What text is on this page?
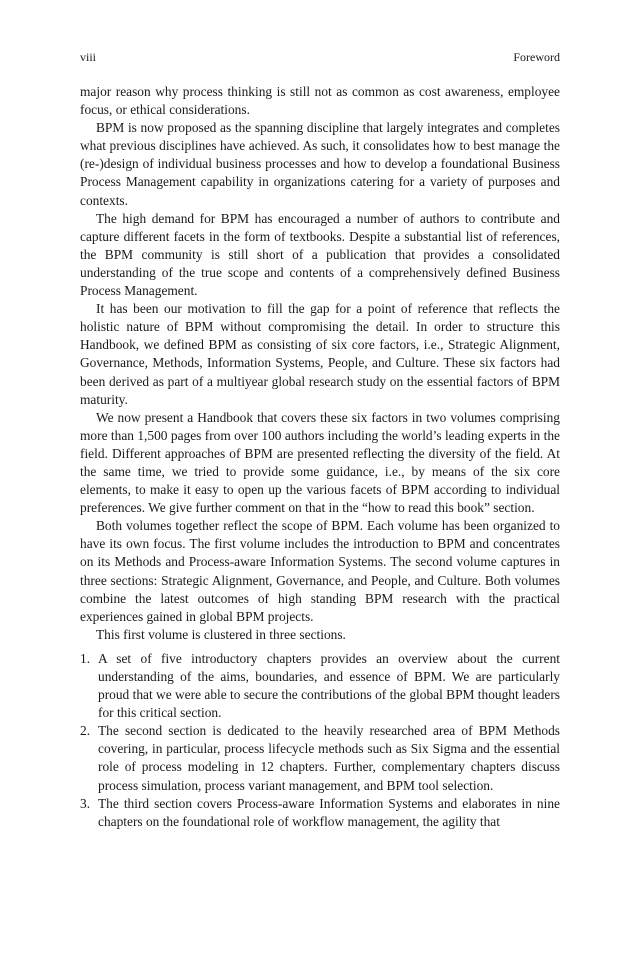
viii	Foreword

major reason why process thinking is still not as common as cost awareness, employee focus, or ethical considerations.

BPM is now proposed as the spanning discipline that largely integrates and completes what previous disciplines have achieved. As such, it consolidates how to best manage the (re-)design of individual business processes and how to develop a foundational Business Process Management capability in organizations catering for a variety of purposes and contexts.

The high demand for BPM has encouraged a number of authors to contribute and capture different facets in the form of textbooks. Despite a substantial list of references, the BPM community is still short of a publication that provides a consolidated understanding of the true scope and contents of a comprehensively defined Business Process Management.

It has been our motivation to fill the gap for a point of reference that reflects the holistic nature of BPM without compromising the detail. In order to structure this Handbook, we defined BPM as consisting of six core factors, i.e., Strategic Alignment, Governance, Methods, Information Systems, People, and Culture. These six factors had been derived as part of a multiyear global research study on the essential factors of BPM maturity.

We now present a Handbook that covers these six factors in two volumes comprising more than 1,500 pages from over 100 authors including the world’s leading experts in the field. Different approaches of BPM are presented reflecting the diversity of the field. At the same time, we tried to provide some guidance, i.e., by means of the six core elements, to make it easy to open up the various facets of BPM according to individual preferences. We give further comment on that in the “how to read this book” section.

Both volumes together reflect the scope of BPM. Each volume has been organized to have its own focus. The first volume includes the introduction to BPM and concentrates on its Methods and Process-aware Information Systems. The second volume captures in three sections: Strategic Alignment, Governance, and People, and Culture. Both volumes combine the latest outcomes of high standing BPM research with the practical experiences gained in global BPM projects.

This first volume is clustered in three sections.

1. A set of five introductory chapters provides an overview about the current understanding of the aims, boundaries, and essence of BPM. We are particularly proud that we were able to secure the contributions of the global BPM thought leaders for this critical section.
2. The second section is dedicated to the heavily researched area of BPM Methods covering, in particular, process lifecycle methods such as Six Sigma and the essential role of process modeling in 12 chapters. Further, complementary chapters discuss process simulation, process variant management, and BPM tool selection.
3. The third section covers Process-aware Information Systems and elaborates in nine chapters on the foundational role of workflow management, the agility that
